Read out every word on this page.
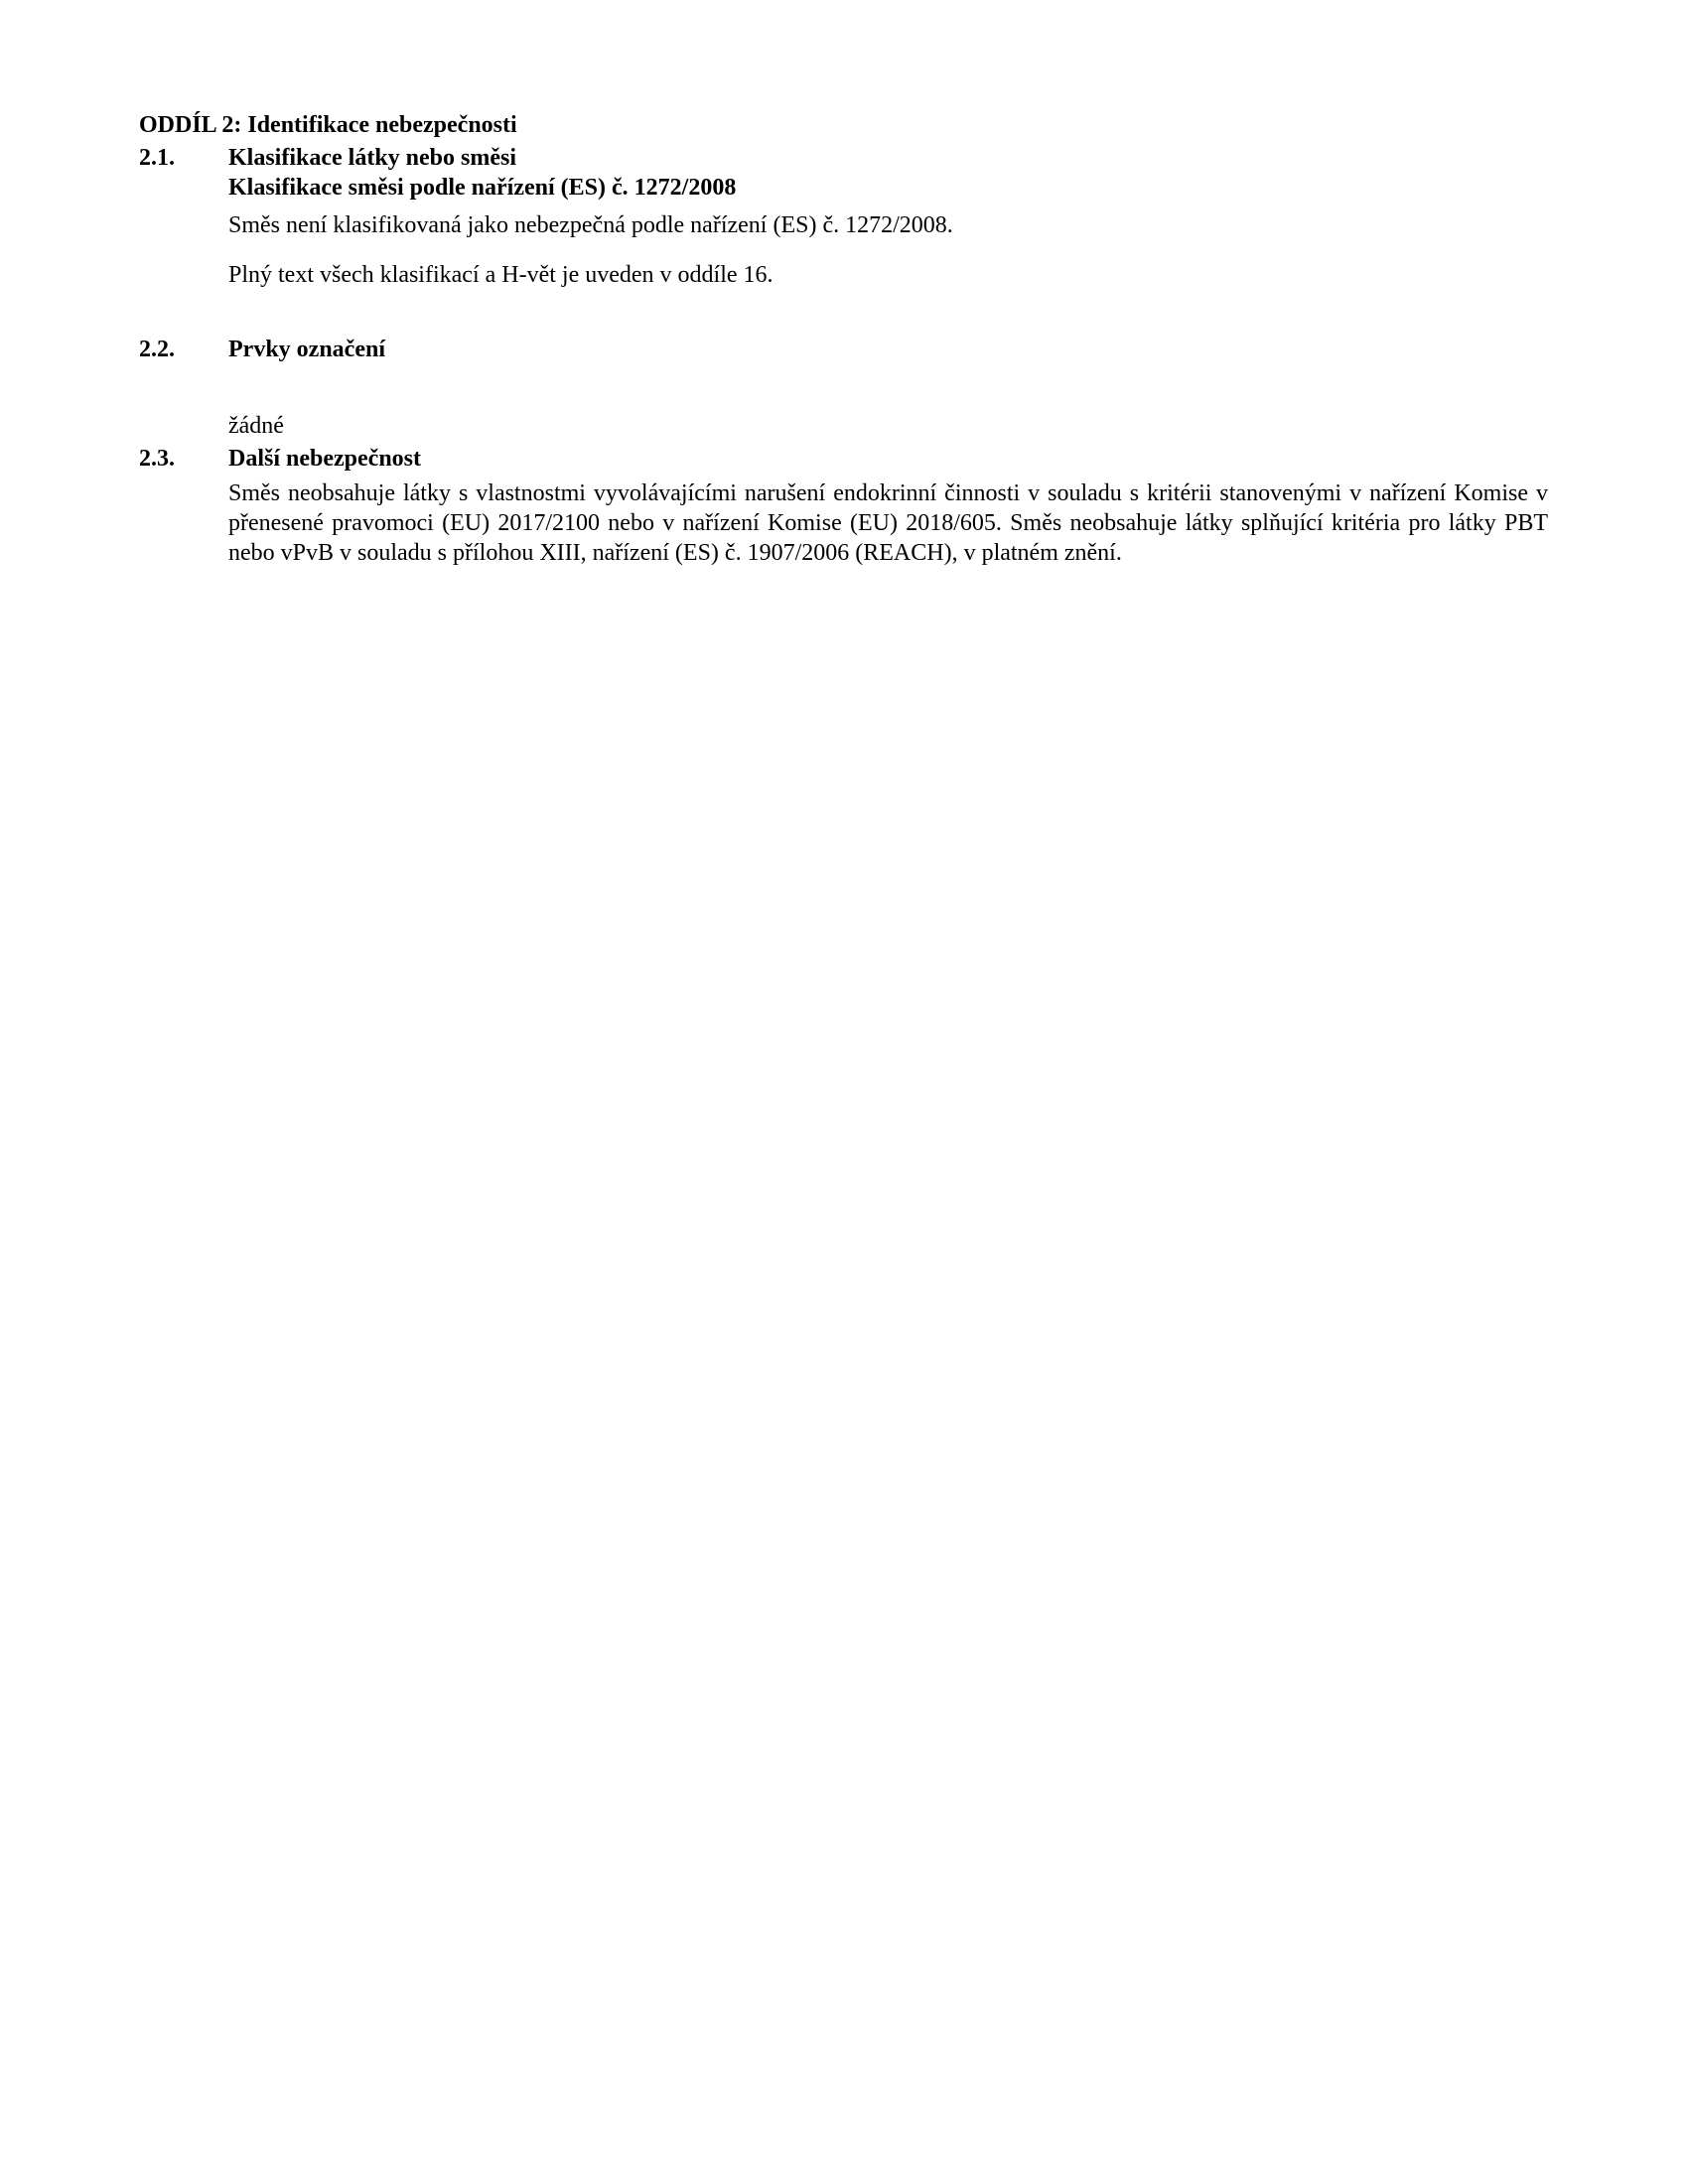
ODDÍL 2: Identifikace nebezpečnosti
2.1.	Klasifikace látky nebo směsi
Klasifikace směsi podle nařízení (ES) č. 1272/2008
Směs není klasifikovaná jako nebezpečná podle nařízení (ES) č. 1272/2008.
Plný text všech klasifikací a H-vět je uveden v oddíle 16.
2.2.	Prvky označení
žádné
2.3.	Další nebezpečnost
Směs neobsahuje látky s vlastnostmi vyvolávajícími narušení endokrinní činnosti v souladu s kritérii stanovenými v nařízení Komise v přenesené pravomoci (EU) 2017/2100 nebo v nařízení Komise (EU) 2018/605. Směs neobsahuje látky splňující kritéria pro látky PBT nebo vPvB v souladu s přílohou XIII, nařízení (ES) č. 1907/2006 (REACH), v platném znění.
